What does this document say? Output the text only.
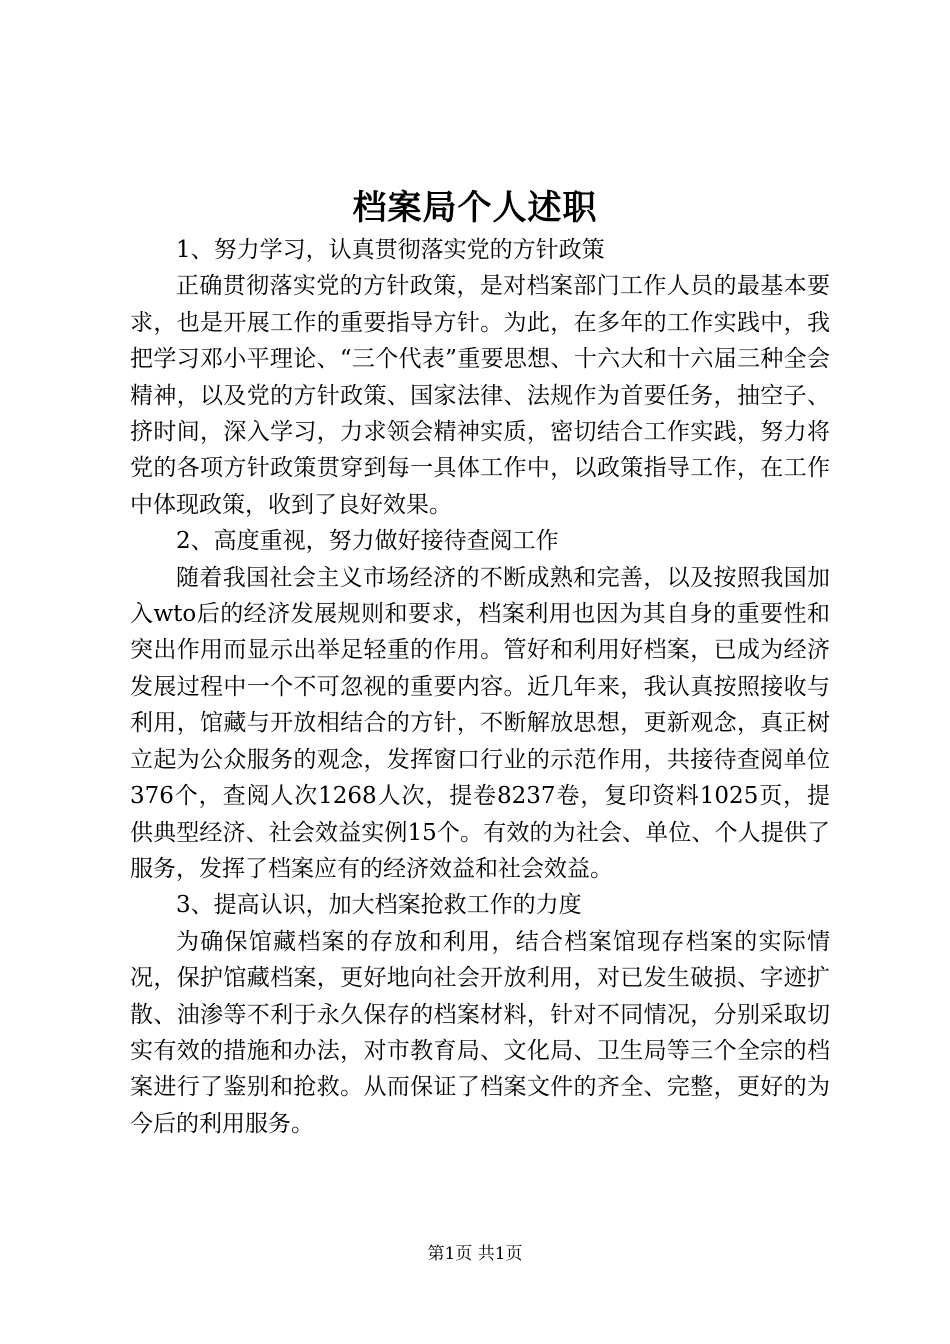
档案局个人述职

1、努力学习，认真贯彻落实党的方针政策

正确贯彻落实党的方针政策，是对档案部门工作人员的最基本要求，也是开展工作的重要指导方针。为此，在多年的工作实践中，我把学习邓小平理论、“三个代表”重要思想、十六大和十六届三种全会精神，以及党的方针政策、国家法律、法规作为首要任务，抽空子、挤时间，深入学习，力求领会精神实质，密切结合工作实践，努力将党的各项方针政策贯穿到每一具体工作中，以政策指导工作，在工作中体现政策，收到了良好效果。

2、高度重视，努力做好接待查阅工作

随着我国社会主义市场经济的不断成熟和完善，以及按照我国加入wto后的经济发展规则和要求，档案利用也因为其自身的重要性和突出作用而显示出举足轻重的作用。管好和利用好档案，已成为经济发展过程中一个不可忽视的重要内容。近几年来，我认真按照接收与利用，馆藏与开放相结合的方针，不断解放思想，更新观念，真正树立起为公众服务的观念，发挥窗口行业的示范作用，共接待查阅单位376个，查阅人次1268人次，提卷8237卷，复印资料1025页，提供典型经济、社会效益实例15个。有效的为社会、单位、个人提供了服务，发挥了档案应有的经济效益和社会效益。

3、提高认识，加大档案抢救工作的力度

为确保馆藏档案的存放和利用，结合档案馆现存档案的实际情况，保护馆藏档案，更好地向社会开放利用，对已发生破损、字迹扩散、油渗等不利于永久保存的档案材料，针对不同情况，分别采取切实有效的措施和办法，对市教育局、文化局、卫生局等三个全宗的档案进行了鉴别和抢救。从而保证了档案文件的齐全、完整，更好的为今后的利用服务。

第1页 共1页
